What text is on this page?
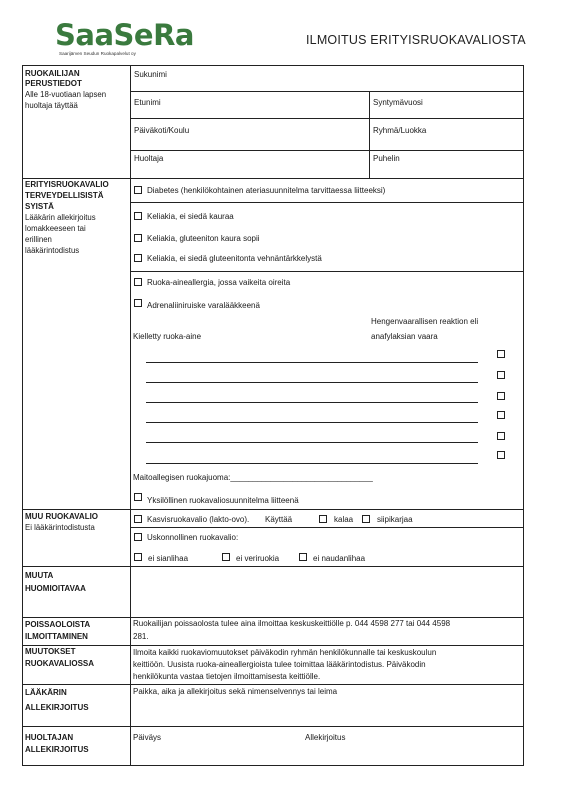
SaaSeRa
Saarijärven Seudun Ruokapalvelut oy
ILMOITUS ERITYISRUOKAVALIOSTA
RUOKAILIJAN
PERUSTIEDOT
Alle 18-vuotiaan lapsen
huoltaja täyttää
Sukunimi
Etunimi	Syntymävuosi
Päiväkoti/Koulu	Ryhmä/Luokka
Huoltaja	Puhelin
ERITYISRUOKAVALIO
TERVEYDELLISISTÄ
SYISTÄ
Lääkärin allekirjoitus
lomakkeeseen tai
erillinen
lääkärintodistus
Diabetes (henkilökohtainen ateriasuunnitelma tarvittaessa liitteeksi)
Keliakia, ei siedä kauraa
Keliakia, gluteeniton kaura sopii
Keliakia, ei siedä gluteenitonta vehnäntärkkelystä
Ruoka-aineallergia, jossa vaikeita oireita
Adrenaliiniruiske varalääkkeenä
Hengenvaarallisen reaktion eli
anafylaksian vaara
Kielletty ruoka-aine
Maitoallegisen ruokajuoma:________________________________
Yksilöllinen ruokavaliosuunnitelma liitteenä
MUU RUOKAVALIO
Ei lääkärintodistusta
Kasvisruokavalio (lakto-ovo). Käyttää	kalaa	siipikarjaa
Uskonnollinen ruokavalio:
ei sianlihaa	ei veriruokia	ei naudanlihaa
MUUTA
HUOMIOITAVAA
POISSAOLOISTA
ILMOITTAMINEN
Ruokailijan poissaolosta tulee aina ilmoittaa keskuskeittiölle p. 044 4598 277 tai 044 4598
281.
MUUTOKSET
RUOKAVALIOSSA
Ilmoita kaikki ruokaviomuutokset päiväkodin ryhmän henkilökunnalle tai keskuskoulun
keittiöön. Uusista ruoka-aineallergioista tulee toimittaa lääkärintodistus. Päiväkodin
henkilökunta vastaa tietojen ilmoittamisesta keittiölle.
LÄÄKÄRIN
ALLEKIRJOITUS
Paikka, aika ja allekirjoitus sekä nimenselvennys tai leima
HUOLTAJAN
ALLEKIRJOITUS
Päiväys	Allekirjoitus
